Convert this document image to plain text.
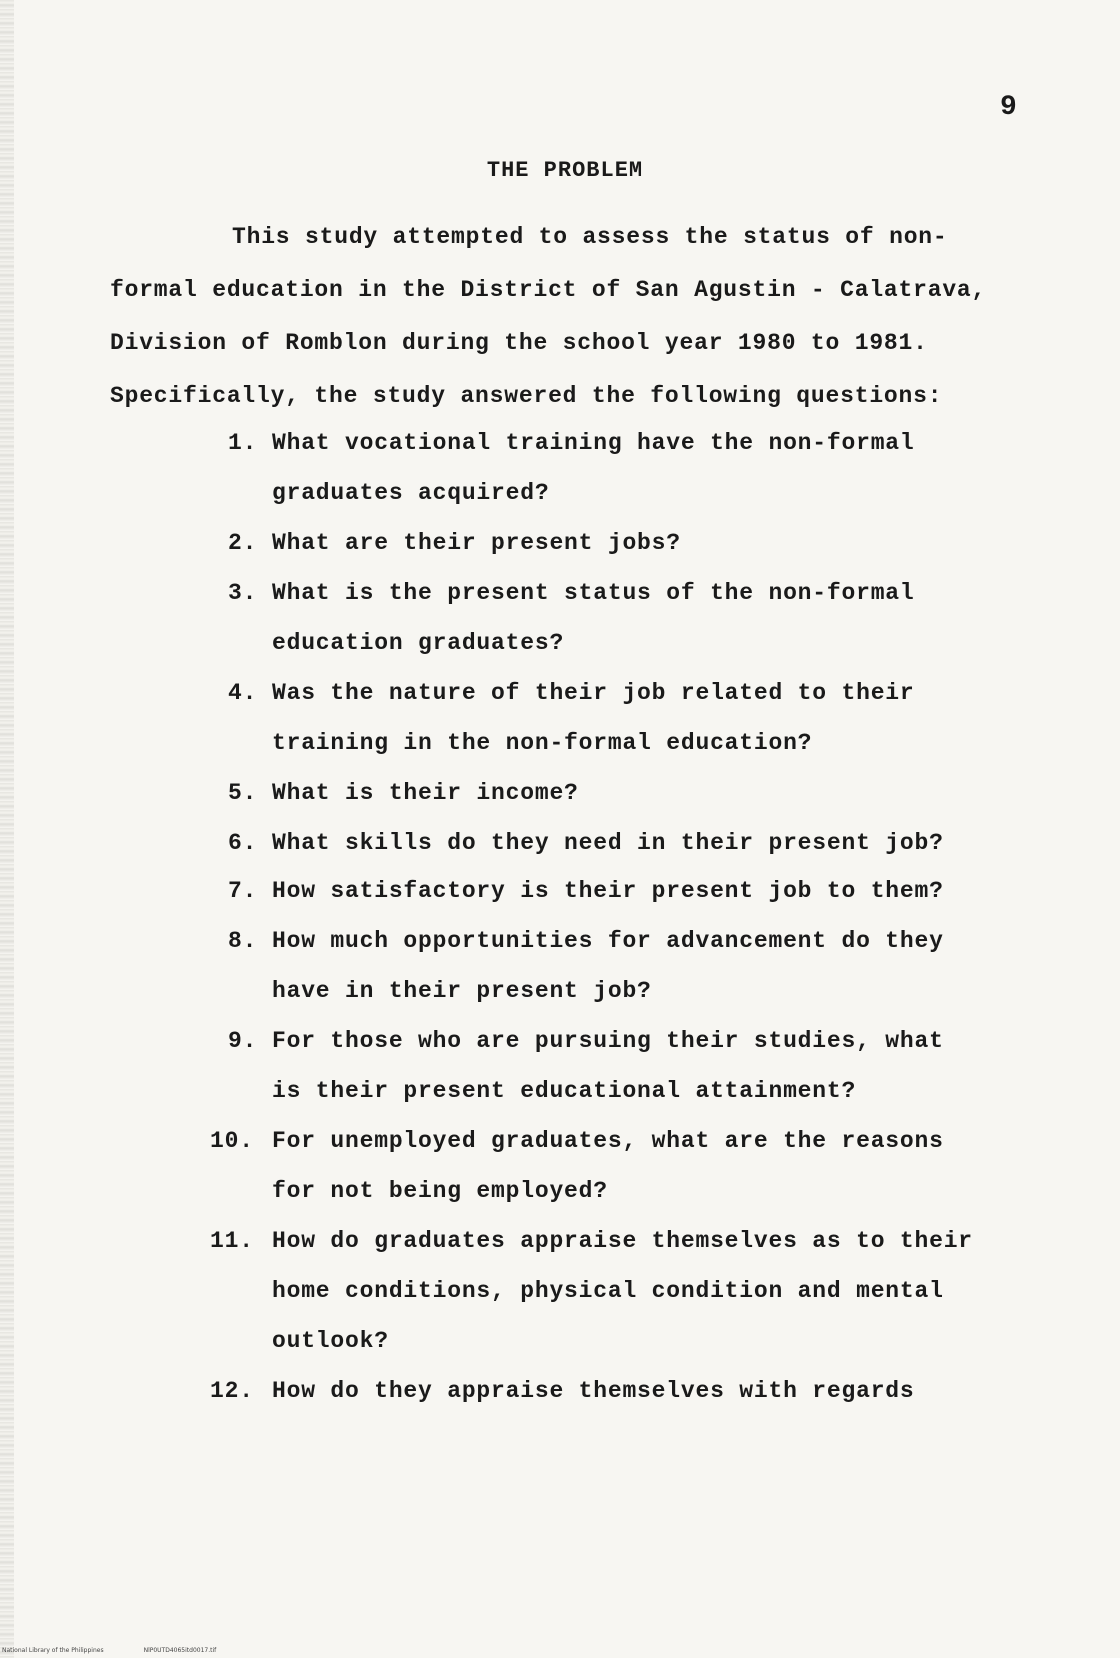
9
THE PROBLEM
This study attempted to assess the status of non-
formal education in the District of San Agustin - Calatrava,
Division of Romblon during the school year 1980 to 1981.
Specifically, the study answered the following questions:
1. What vocational training have the non-formal
graduates acquired?
2. What are their present jobs?
3. What is the present status of the non-formal
education graduates?
4. Was the nature of their job related to their
training in the non-formal education?
5. What is their income?
6. What skills do they need in their present job?
7. How satisfactory is their present job to them?
8. How much opportunities for advancement do they
have in their present job?
9. For those who are pursuing their studies, what
is their present educational attainment?
10. For unemployed graduates, what are the reasons
for not being employed?
11. How do graduates appraise themselves as to their
home conditions, physical condition and mental
outlook?
12. How do they appraise themselves with regards
National Library of the Philippines	NlP0UTD4065itd0017.tif
